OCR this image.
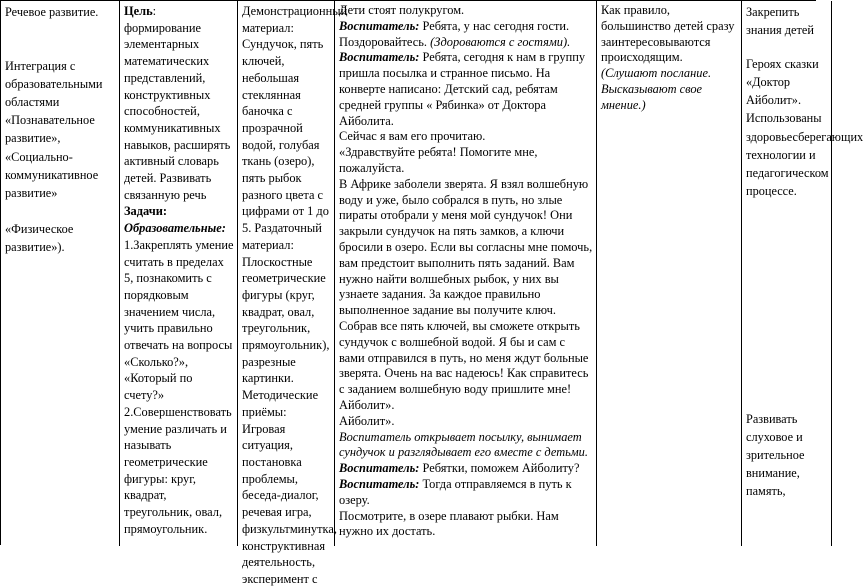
Речевое развитие.

Интеграция с образовательными областями «Познавательное развитие», «Социально-коммуникативное развитие»

«Физическое развитие»).

Цель: формирование элементарных математических представлений, конструктивных способностей, коммуникативных навыков, расширять активный словарь детей. Развивать связанную речь

Задачи:

Образовательные:

1.Закреплять умение считать в пределах 5, познакомить с порядковым значением числа, учить правильно отвечать на вопросы «Сколько?», «Который по счету?»

2.Совершенствовать умение различать и называть геометрические фигуры: круг, квадрат, треугольник, овал, прямоугольник.

Демонстрационный материал: Сундучок, пять ключей, небольшая стеклянная баночка с прозрачной водой, голубая ткань (озеро), пять рыбок разного цвета с цифрами от 1 до 5. Раздаточный материал: Плоскостные геометрические фигуры (круг, квадрат, овал, треугольник, прямоугольник), разрезные картинки. Методические приёмы: Игровая ситуация, постановка проблемы, беседа-диалог, речевая игра, физкультминутка, конструктивная деятельность, эксперимент с

Дети стоят полукругом.

Воспитатель: Ребята, у нас сегодня гости. Поздоровайтесь. (Здороваются с гостями).

Воспитатель: Ребята, сегодня к нам в группу пришла посылка и странное письмо. На конверте написано: Детский сад, ребятам средней группы « Рябинка» от Доктора Айболита.

Сейчас я вам его прочитаю.

«Здравствуйте ребята! Помогите мне, пожалуйста.

В Африке заболели зверята. Я взял волшебную воду и уже, было собрался в путь, но злые пираты отобрали у меня мой сундучок! Они закрыли сундучок на пять замков, а ключи бросили в озеро. Если вы согласны мне помочь, вам предстоит выполнить пять заданий. Вам нужно найти волшебных рыбок, у них вы узнаете задания. За каждое правильно выполненное задание вы получите ключ. Собрав все пять ключей, вы сможете открыть сундучок с волшебной водой. Я бы и сам с вами отправился в путь, но меня ждут больные зверята. Очень на вас надеюсь! Как справитесь с заданием волшебную воду пришлите мне! Айболит».

Айболит».

Воспитатель открывает посылку, вынимает сундучок и разглядывает его вместе с детьми.

Воспитатель: Ребятки, поможем Айболиту?

Воспитатель: Тогда отправляемся в путь к озеру.

Посмотрите, в озере плавают рыбки. Нам нужно их достать.

Как правило, большинство детей сразу заинтересовываются происходящим.

(Слушают послание. Высказывают свое мнение.)

Закрепить знания детей

Героях сказки «Доктор Айболит». Использованы здоровьесберегающих технологии и педагогическом процессе.

Развивать слуховое и зрительное внимание, память,
